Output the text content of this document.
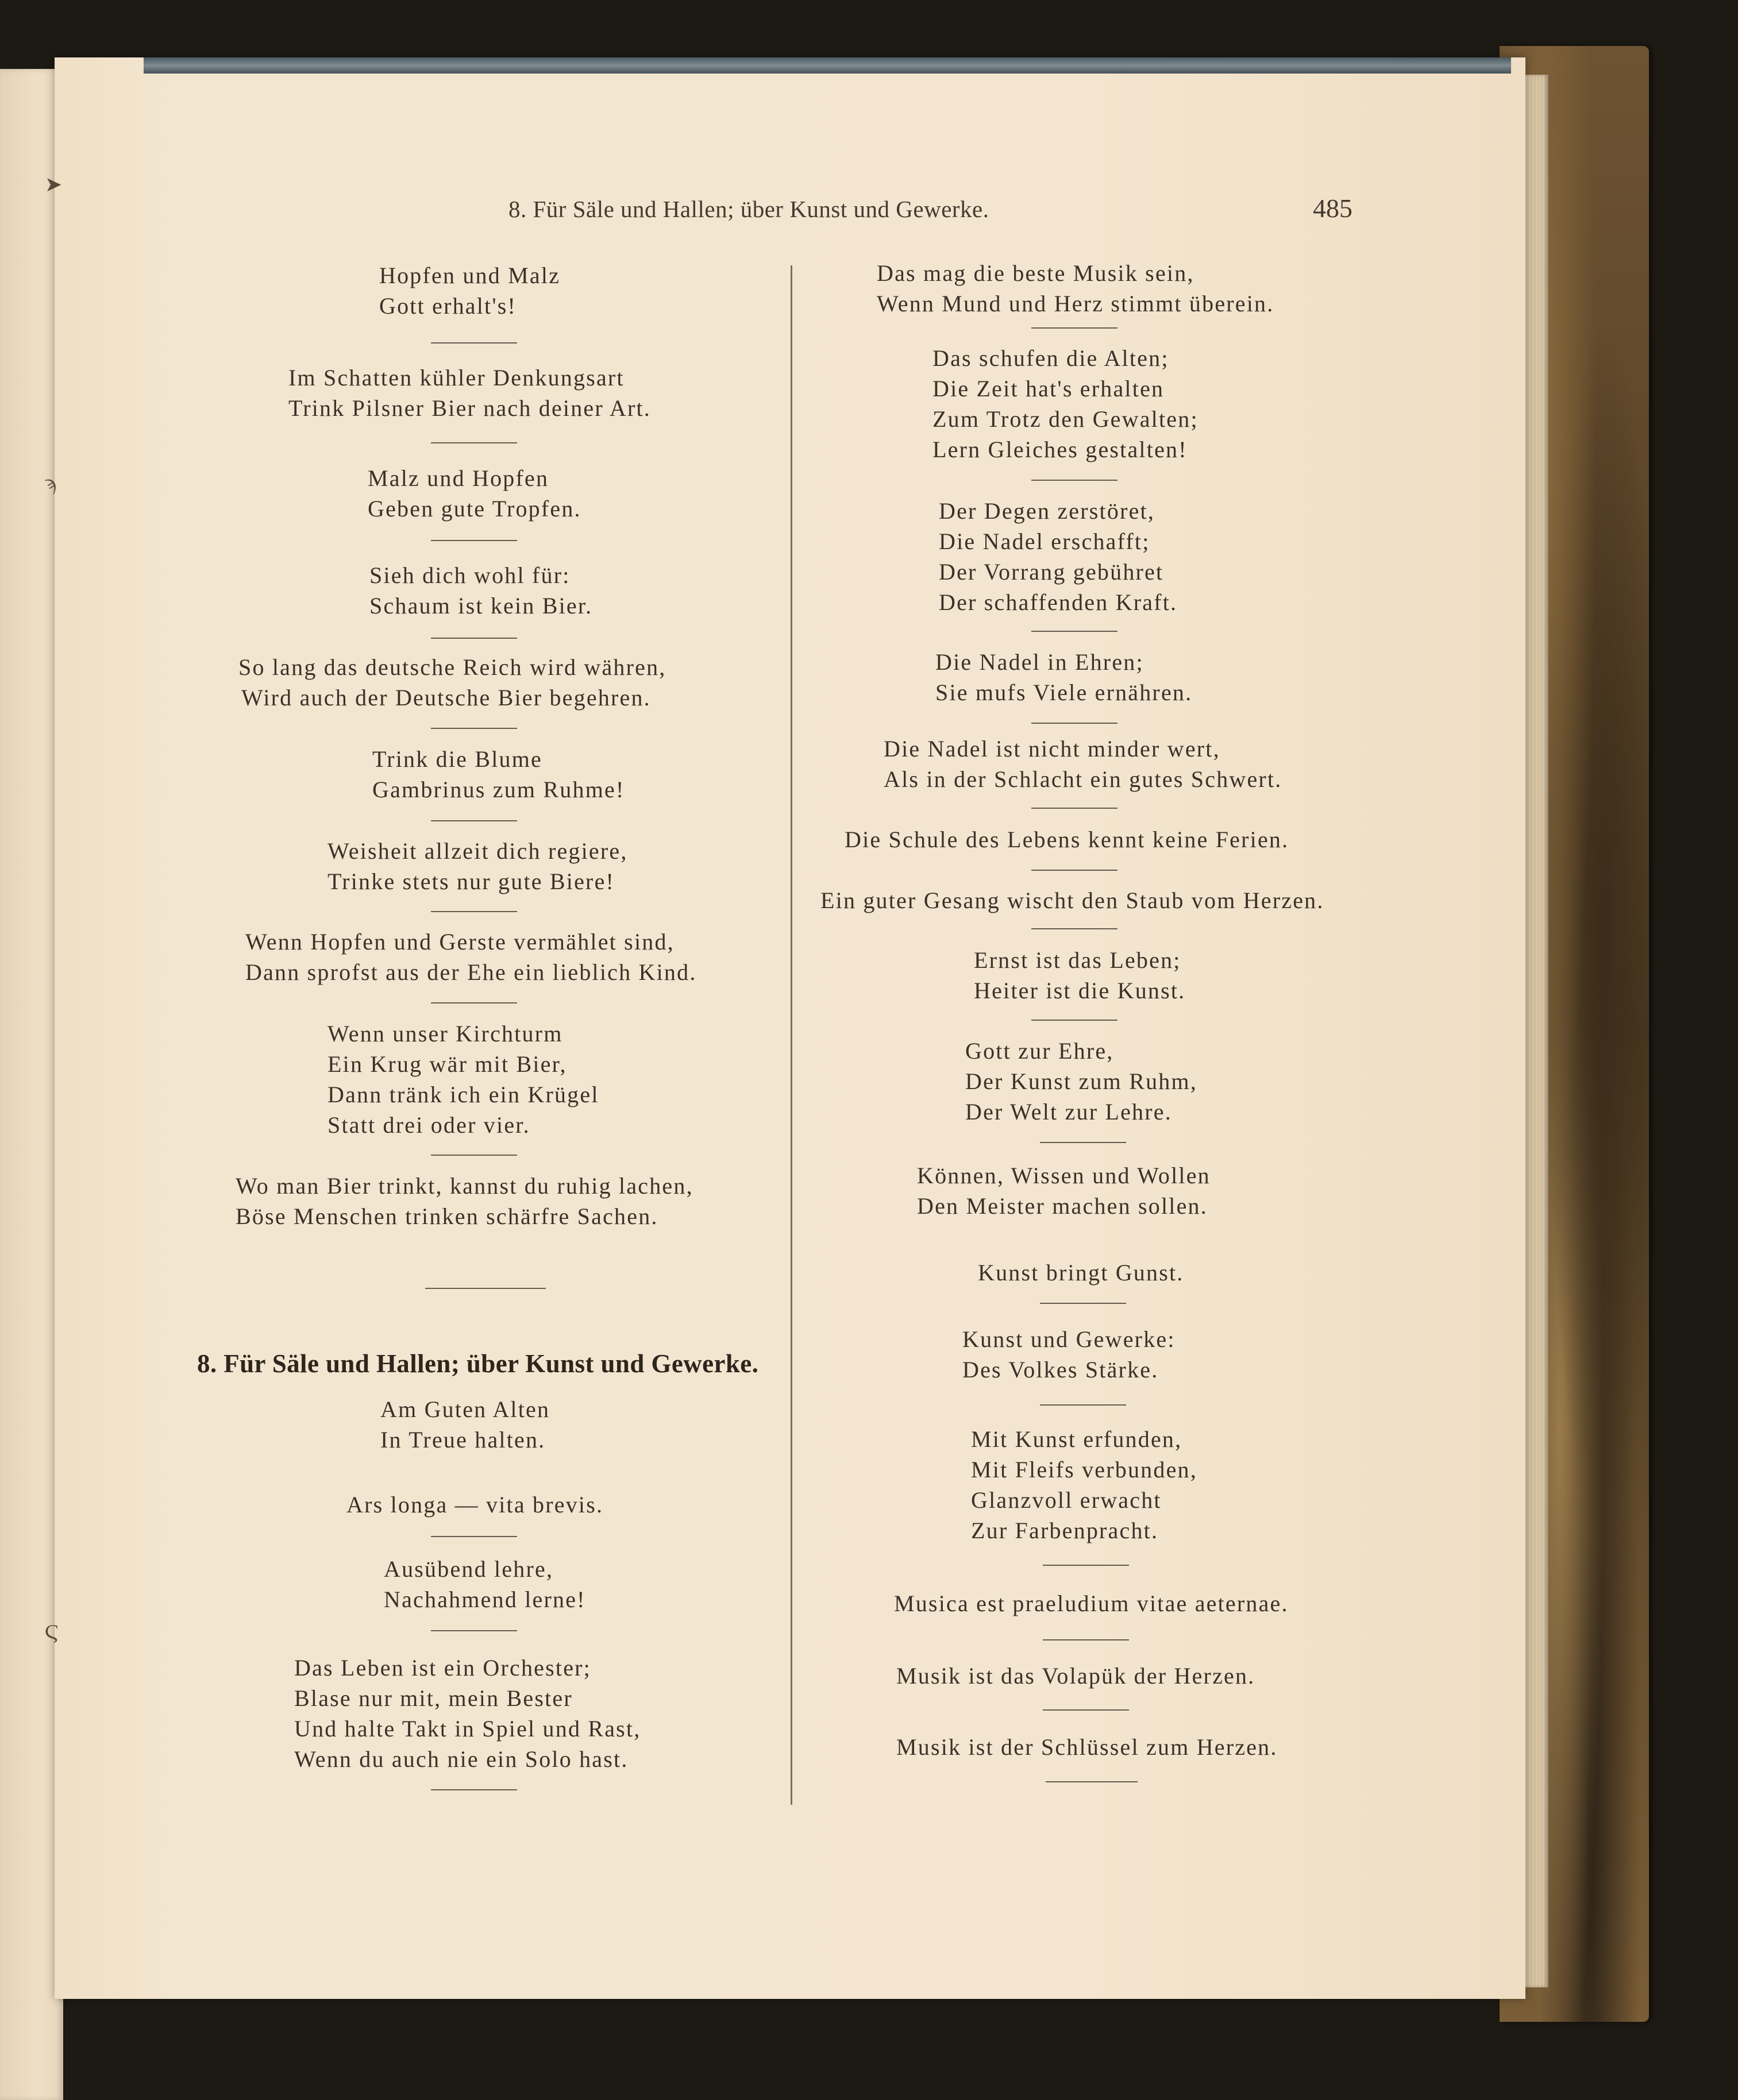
➤
ϡ
Ϛ
8. Für Säle und Hallen; über Kunst und Gewerke.	485
Hopfen und Malz
Gott erhalt's!
Im Schatten kühler Denkungsart
Trink Pilsner Bier nach deiner Art.
Malz und Hopfen
Geben gute Tropfen.
Sieh dich wohl für:
Schaum ist kein Bier.
So lang das deutsche Reich wird währen,
Wird auch der Deutsche Bier begehren.
Trink die Blume
Gambrinus zum Ruhme!
Weisheit allzeit dich regiere,
Trinke stets nur gute Biere!
Wenn Hopfen und Gerste vermählet sind,
Dann sprofst aus der Ehe ein lieblich Kind.
Wenn unser Kirchturm
Ein Krug wär mit Bier,
Dann tränk ich ein Krügel
Statt drei oder vier.
Wo man Bier trinkt, kannst du ruhig lachen,
Böse Menschen trinken schärfre Sachen.
8. Für Säle und Hallen; über Kunst und Gewerke.
Am Guten Alten
In Treue halten.
Ars longa — vita brevis.
Ausübend lehre,
Nachahmend lerne!
Das Leben ist ein Orchester;
Blase nur mit, mein Bester
Und halte Takt in Spiel und Rast,
Wenn du auch nie ein Solo hast.
Das mag die beste Musik sein,
Wenn Mund und Herz stimmt überein.
Das schufen die Alten;
Die Zeit hat's erhalten
Zum Trotz den Gewalten;
Lern Gleiches gestalten!
Der Degen zerstöret,
Die Nadel erschafft;
Der Vorrang gebühret
Der schaffenden Kraft.
Die Nadel in Ehren;
Sie mufs Viele ernähren.
Die Nadel ist nicht minder wert,
Als in der Schlacht ein gutes Schwert.
Die Schule des Lebens kennt keine Ferien.
Ein guter Gesang wischt den Staub vom Herzen.
Ernst ist das Leben;
Heiter ist die Kunst.
Gott zur Ehre,
Der Kunst zum Ruhm,
Der Welt zur Lehre.
Können, Wissen und Wollen
Den Meister machen sollen.
Kunst bringt Gunst.
Kunst und Gewerke:
Des Volkes Stärke.
Mit Kunst erfunden,
Mit Fleifs verbunden,
Glanzvoll erwacht
Zur Farbenpracht.
Musica est praeludium vitae aeternae.
Musik ist das Volapük der Herzen.
Musik ist der Schlüssel zum Herzen.
